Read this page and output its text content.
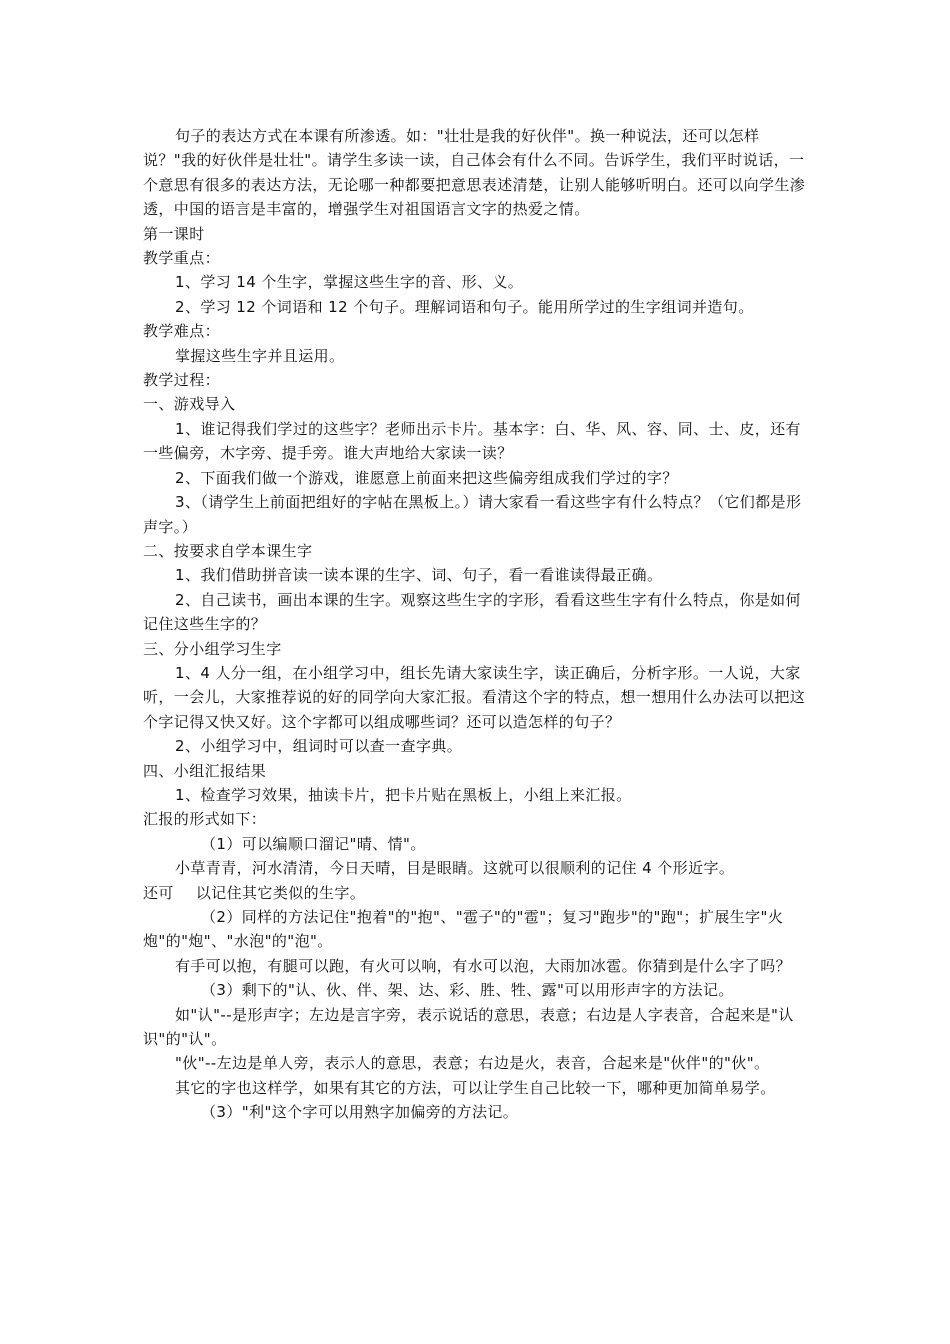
句子的表达方式在本课有所渗透。如："壮壮是我的好伙伴"。换一种说法，还可以怎样说？"我的好伙伴是壮壮"。请学生多读一读，自己体会有什么不同。告诉学生，我们平时说话，一个意思有很多的表达方法，无论哪一种都要把意思表述清楚，让别人能够听明白。还可以向学生渗透，中国的语言是丰富的，增强学生对祖国语言文字的热爱之情。

第一课时

教学重点：

1、学习 14 个生字，掌握这些生字的音、形、义。

2、学习 12 个词语和 12 个句子。理解词语和句子。能用所学过的生字组词并造句。

教学难点：

掌握这些生字并且运用。

教学过程：

一、游戏导入

1、谁记得我们学过的这些字？老师出示卡片。基本字：白、华、风、容、同、士、皮，还有一些偏旁，木字旁、提手旁。谁大声地给大家读一读？

2、下面我们做一个游戏，谁愿意上前面来把这些偏旁组成我们学过的字？

3、（请学生上前面把组好的字帖在黑板上。）请大家看一看这些字有什么特点？（它们都是形声字。）

二、按要求自学本课生字

1、我们借助拼音读一读本课的生字、词、句子，看一看谁读得最正确。

2、自己读书，画出本课的生字。观察这些生字的字形，看看这些生字有什么特点，你是如何记住这些生字的？

三、分小组学习生字

1、4 人分一组，在小组学习中，组长先请大家读生字，读正确后，分析字形。一人说，大家听，一会儿，大家推荐说的好的同学向大家汇报。看清这个字的特点，想一想用什么办法可以把这个字记得又快又好。这个字都可以组成哪些词？还可以造怎样的句子？

2、小组学习中，组词时可以查一查字典。

四、小组汇报结果

1、检查学习效果，抽读卡片，把卡片贴在黑板上，小组上来汇报。

汇报的形式如下：

（1）可以编顺口溜记"晴、情"。

小草青青，河水清清，今日天晴，目是眼睛。这就可以很顺利的记住 4 个形近字。

还可 以记住其它类似的生字。

（2）同样的方法记住"抱着"的"抱"、"雹子"的"雹"；复习"跑步"的"跑"；扩展生字"火炮"的"炮"、"水泡"的"泡"。

有手可以抱，有腿可以跑，有火可以响，有水可以泡，大雨加冰雹。你猜到是什么字了吗？

（3）剩下的"认、伙、伴、架、达、彩、胜、牲、露"可以用形声字的方法记。

如"认"--是形声字；左边是言字旁，表示说话的意思，表意；右边是人字表音，合起来是"认识"的"认"。

"伙"--左边是单人旁，表示人的意思，表意；右边是火，表音，合起来是"伙伴"的"伙"。

其它的字也这样学，如果有其它的方法，可以让学生自己比较一下，哪种更加简单易学。

（3）"利"这个字可以用熟字加偏旁的方法记。
